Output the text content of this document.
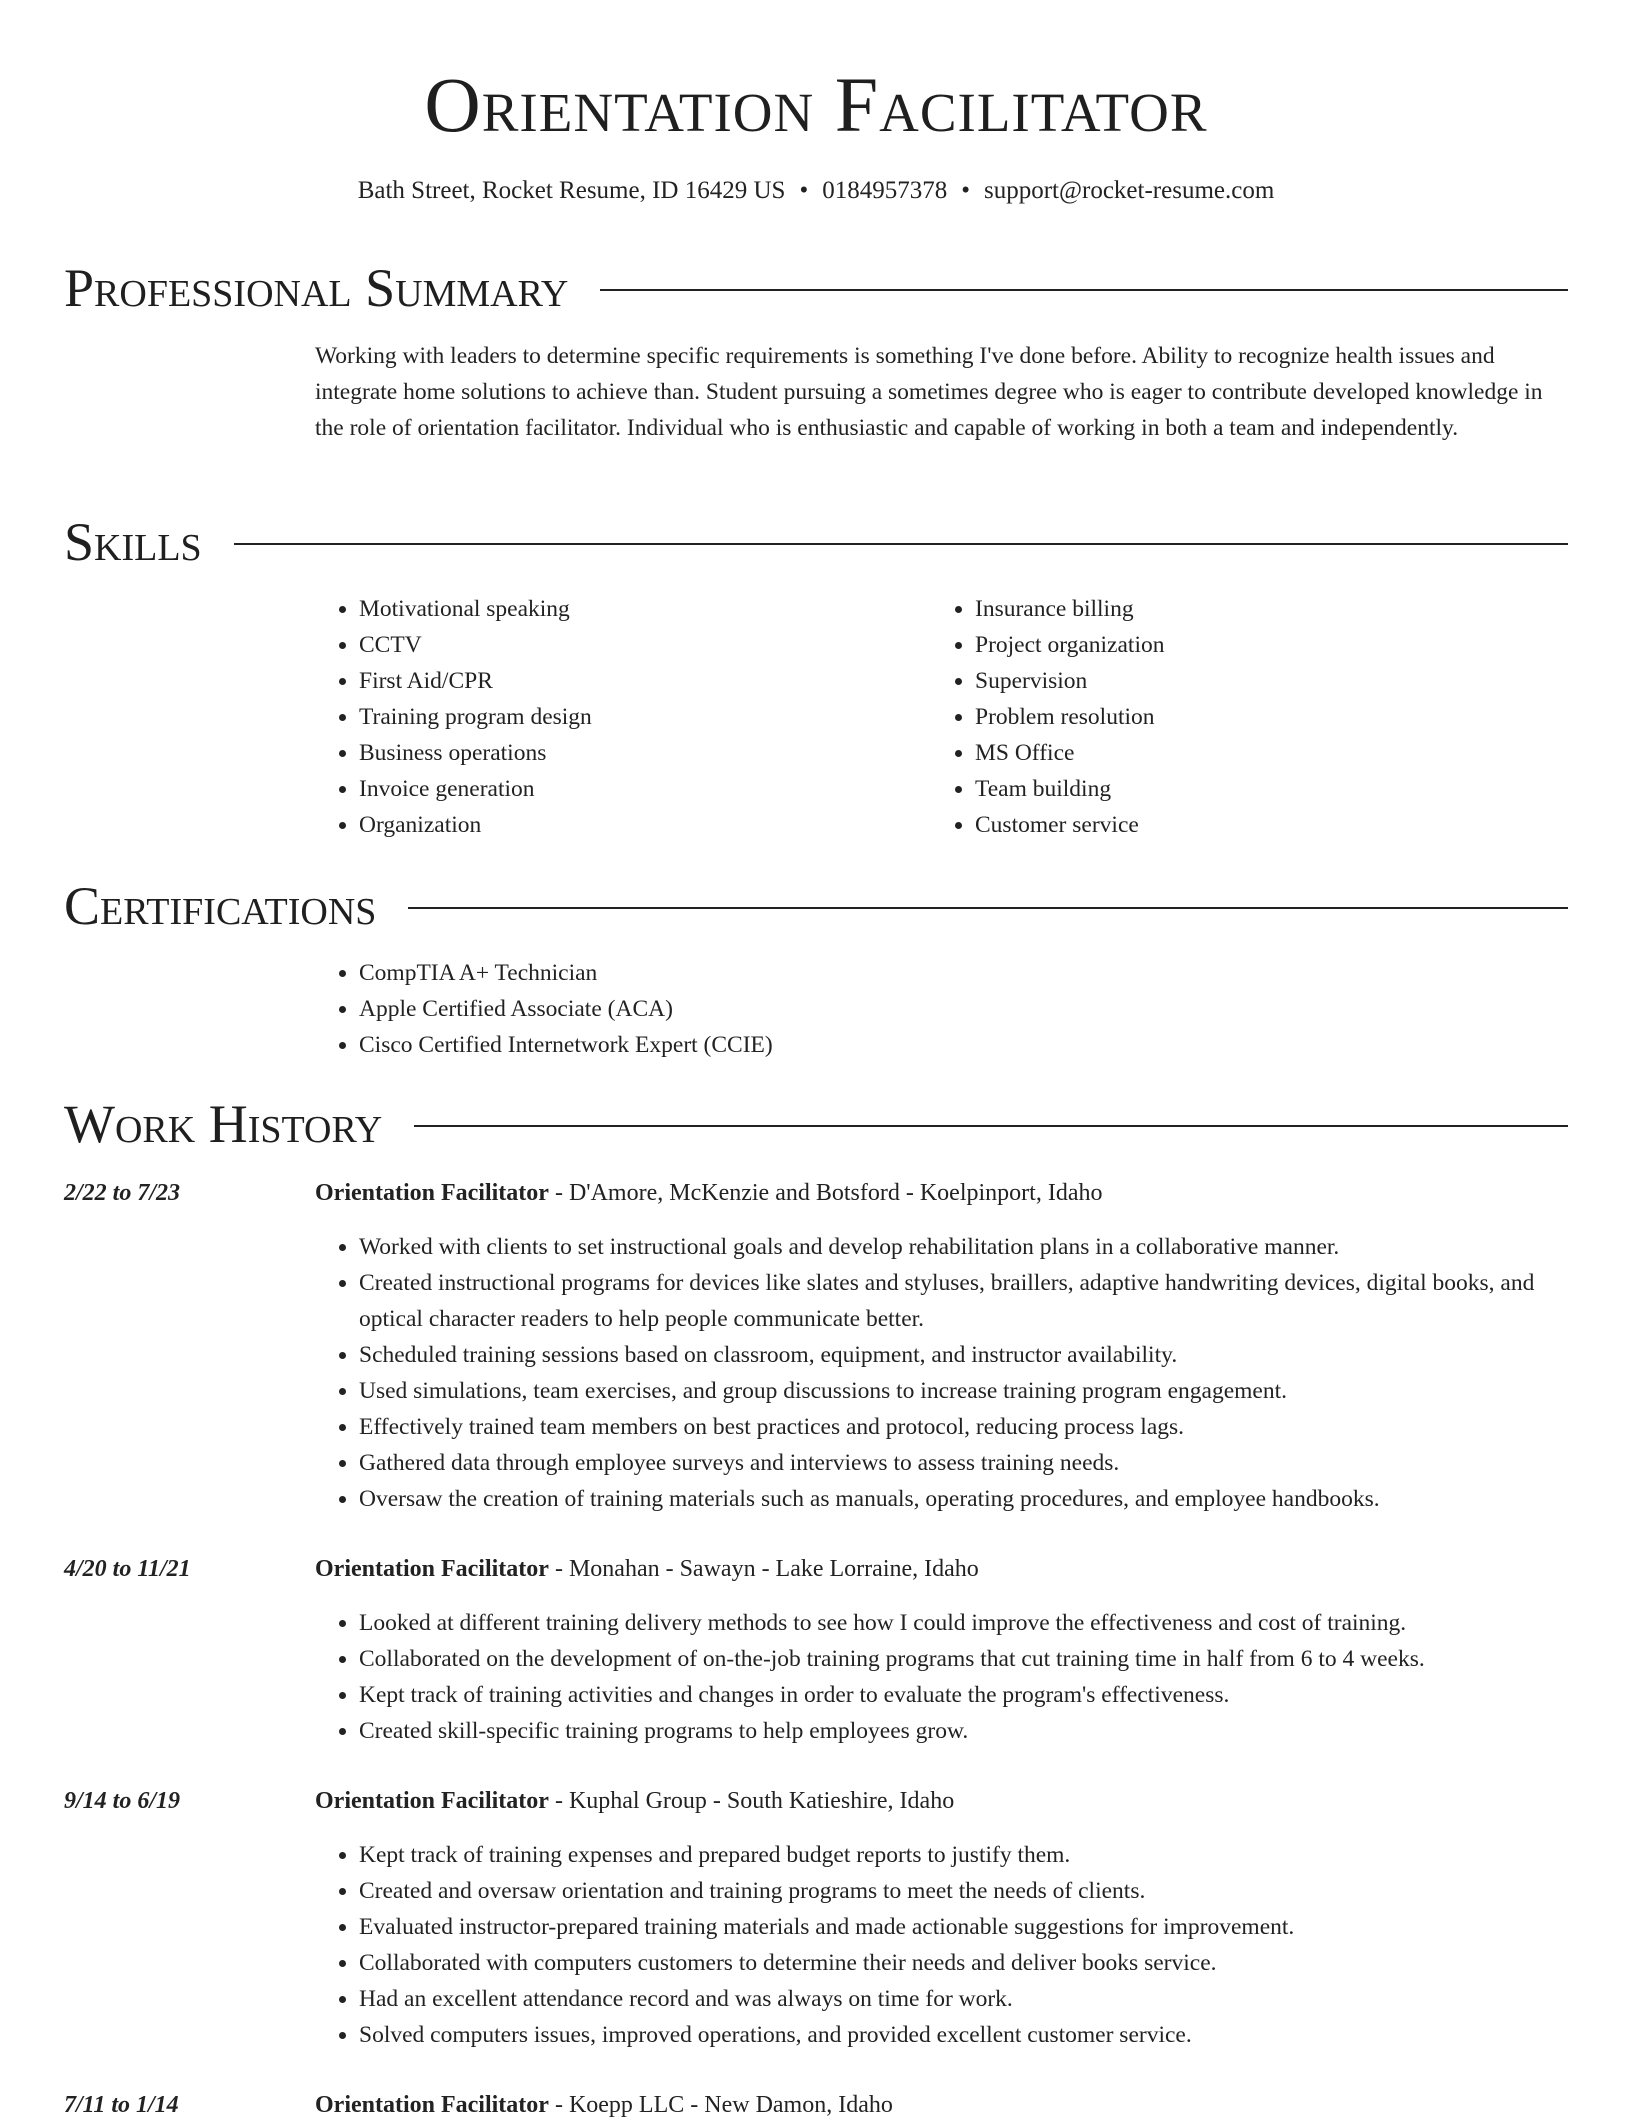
Orientation Facilitator
Bath Street, Rocket Resume, ID 16429 US • 0184957378 • support@rocket-resume.com
Professional Summary

Working with leaders to determine specific requirements is something I've done before. Ability to recognize health issues and integrate home solutions to achieve than. Student pursuing a sometimes degree who is eager to contribute developed knowledge in the role of orientation facilitator. Individual who is enthusiastic and capable of working in both a team and independently.

Skills
• Motivational speaking
• CCTV
• First Aid/CPR
• Training program design
• Business operations
• Invoice generation
• Organization
• Insurance billing
• Project organization
• Supervision
• Problem resolution
• MS Office
• Team building
• Customer service
Certifications
• CompTIA A+ Technician
• Apple Certified Associate (ACA)
• Cisco Certified Internetwork Expert (CCIE)
Work History
2/22 to 7/23	Orientation Facilitator - D'Amore, McKenzie and Botsford - Koelpinport, Idaho
• Worked with clients to set instructional goals and develop rehabilitation plans in a collaborative manner.
• Created instructional programs for devices like slates and styluses, braillers, adaptive handwriting devices, digital books, and optical character readers to help people communicate better.
• Scheduled training sessions based on classroom, equipment, and instructor availability.
• Used simulations, team exercises, and group discussions to increase training program engagement.
• Effectively trained team members on best practices and protocol, reducing process lags.
• Gathered data through employee surveys and interviews to assess training needs.
• Oversaw the creation of training materials such as manuals, operating procedures, and employee handbooks.
4/20 to 11/21	Orientation Facilitator - Monahan - Sawayn - Lake Lorraine, Idaho
• Looked at different training delivery methods to see how I could improve the effectiveness and cost of training.
• Collaborated on the development of on-the-job training programs that cut training time in half from 6 to 4 weeks.
• Kept track of training activities and changes in order to evaluate the program's effectiveness.
• Created skill-specific training programs to help employees grow.
9/14 to 6/19	Orientation Facilitator - Kuphal Group - South Katieshire, Idaho
• Kept track of training expenses and prepared budget reports to justify them.
• Created and oversaw orientation and training programs to meet the needs of clients.
• Evaluated instructor-prepared training materials and made actionable suggestions for improvement.
• Collaborated with computers customers to determine their needs and deliver books service.
• Had an excellent attendance record and was always on time for work.
• Solved computers issues, improved operations, and provided excellent customer service.
7/11 to 1/14	Orientation Facilitator - Koepp LLC - New Damon, Idaho
